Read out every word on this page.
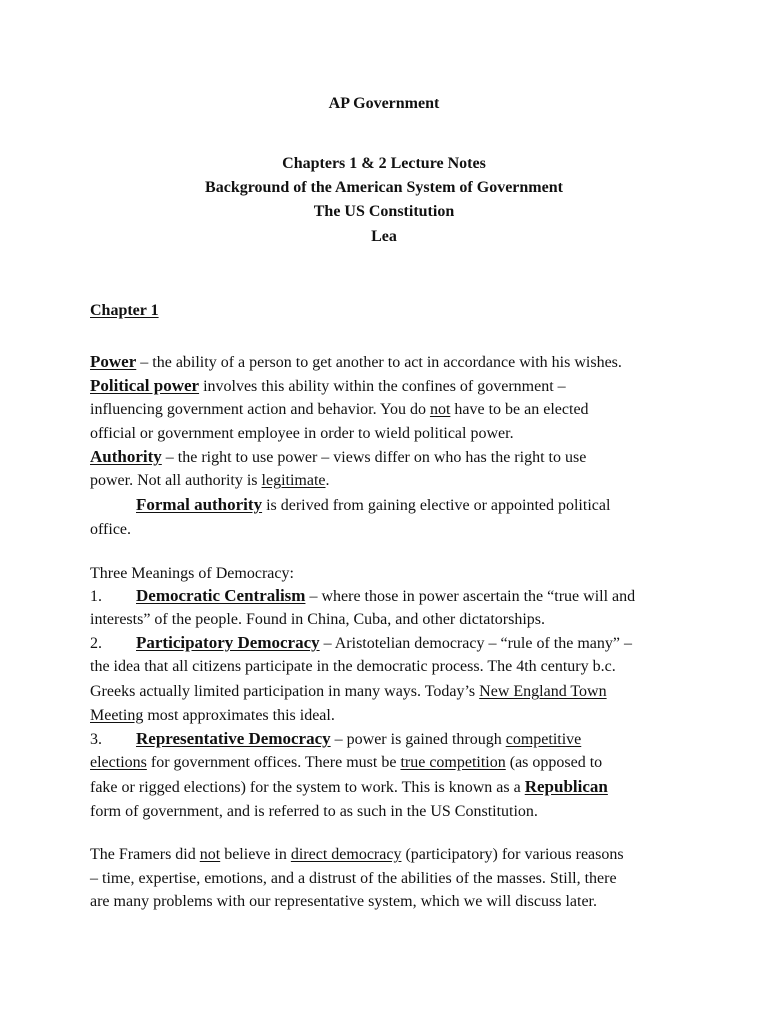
AP Government
Chapters 1 & 2 Lecture Notes
Background of the American System of Government
The US Constitution
Lea
Chapter 1
Power – the ability of a person to get another to act in accordance with his wishes.
Political power involves this ability within the confines of government –
influencing government action and behavior. You do not have to be an elected
official or government employee in order to wield political power.
Authority – the right to use power – views differ on who has the right to use
power. Not all authority is legitimate.
Formal authority is derived from gaining elective or appointed political
office.
Three Meanings of Democracy:
1. Democratic Centralism – where those in power ascertain the “true will and
interests” of the people. Found in China, Cuba, and other dictatorships.
2. Participatory Democracy – Aristotelian democracy – “rule of the many” –
the idea that all citizens participate in the democratic process. The 4th century b.c.
Greeks actually limited participation in many ways. Today’s New England Town
Meeting most approximates this ideal.
3. Representative Democracy – power is gained through competitive
elections for government offices. There must be true competition (as opposed to
fake or rigged elections) for the system to work. This is known as a Republican
form of government, and is referred to as such in the US Constitution.
The Framers did not believe in direct democracy (participatory) for various reasons
– time, expertise, emotions, and a distrust of the abilities of the masses. Still, there
are many problems with our representative system, which we will discuss later.
